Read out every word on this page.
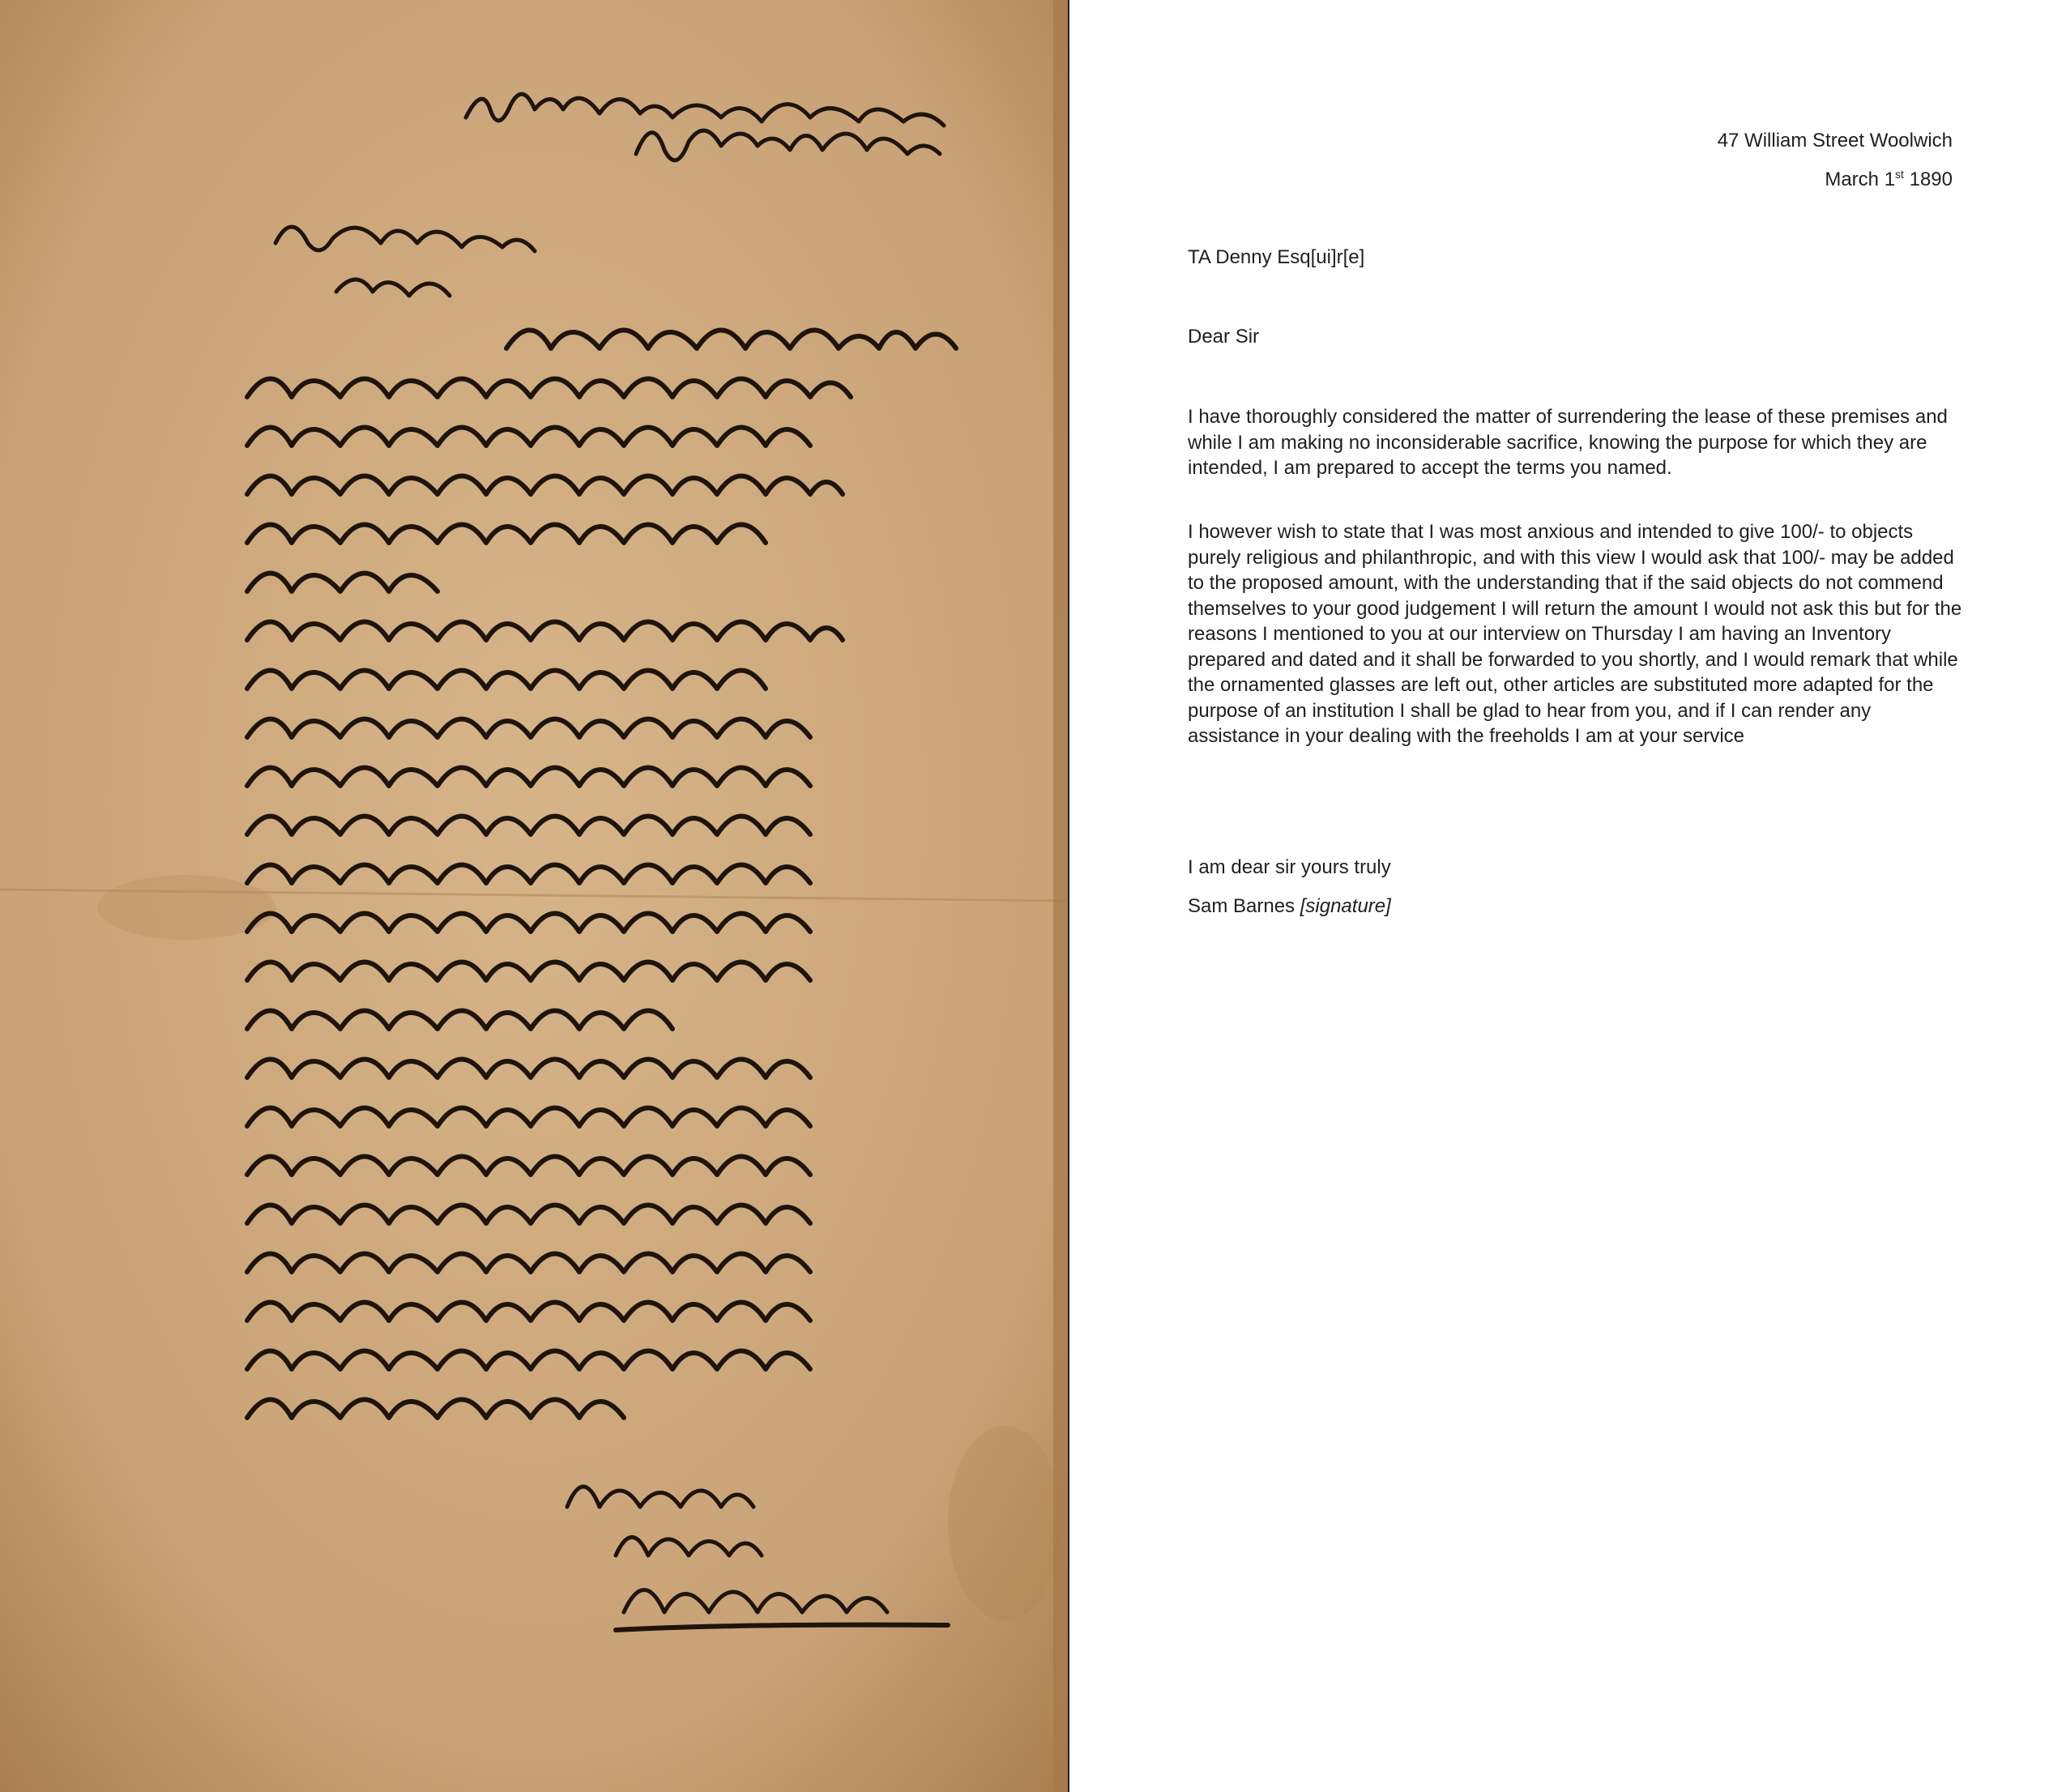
47 William Street Woolwich
March 1st 1890
TA Denny Esq[ui]r[e]
Dear Sir
I have thoroughly considered the matter of surrendering the lease of these premises and while I am making no inconsiderable sacrifice, knowing the purpose for which they are intended, I am prepared to accept the terms you named.
I however wish to state that I was most anxious and intended to give 100/- to objects purely religious and philanthropic, and with this view I would ask that 100/- may be added to the proposed amount, with the understanding that if the said objects do not commend themselves to your good judgement I will return the amount I would not ask this but for the reasons I mentioned to you at our interview on Thursday I am having an Inventory prepared and dated and it shall be forwarded to you shortly, and I would remark that while the ornamented glasses are left out, other articles are substituted more adapted for the purpose of an institution I shall be glad to hear from you, and if I can render any assistance in your dealing with the freeholds I am at your service
I am dear sir yours truly
Sam Barnes [signature]
